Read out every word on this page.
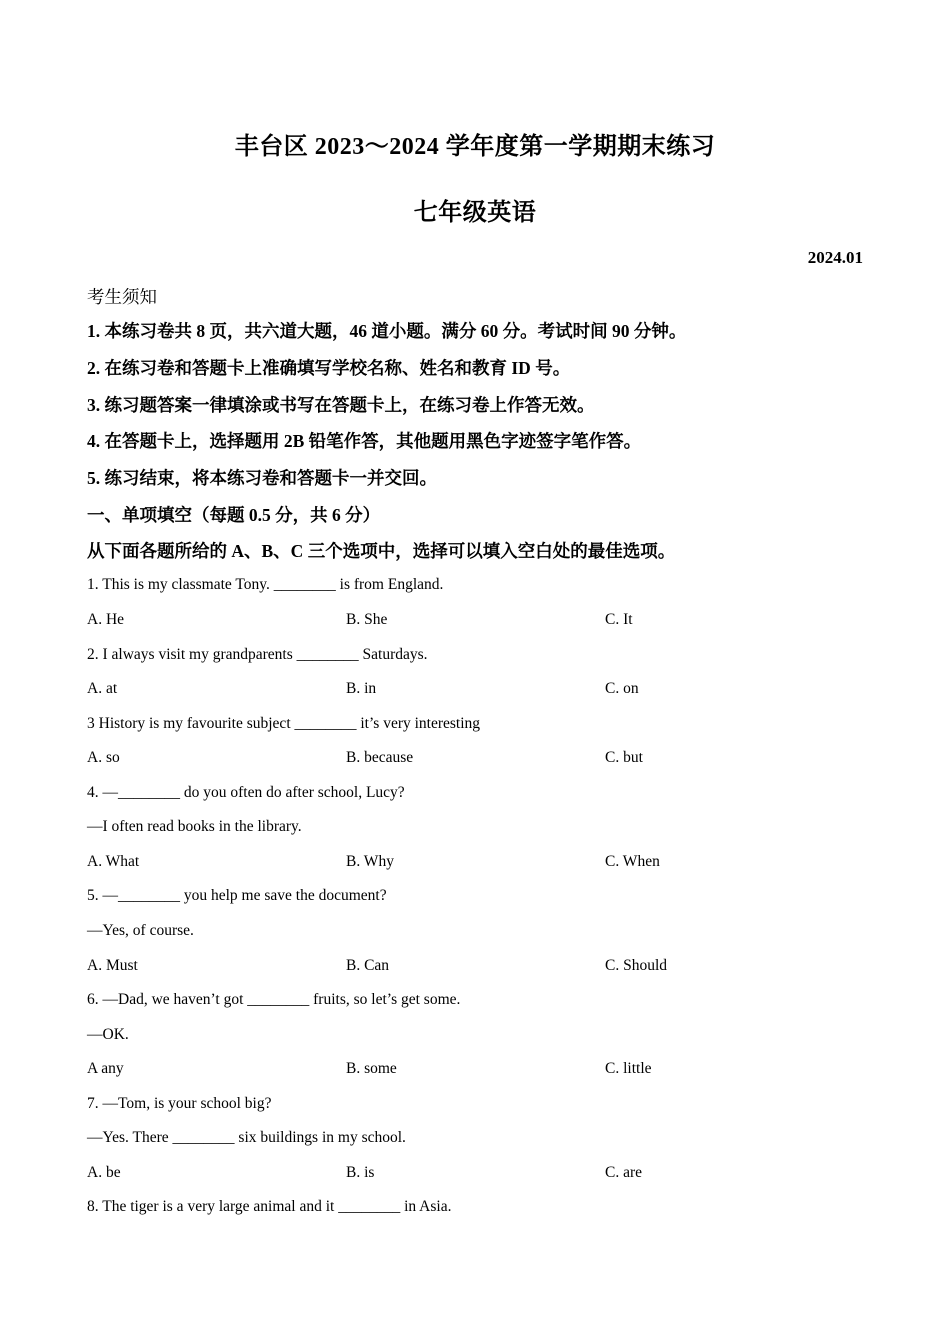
丰台区 2023～2024 学年度第一学期期末练习
七年级英语
2024.01
考生须知
1. 本练习卷共 8 页，共六道大题，46 道小题。满分 60 分。考试时间 90 分钟。
2. 在练习卷和答题卡上准确填写学校名称、姓名和教育 ID 号。
3. 练习题答案一律填涂或书写在答题卡上，在练习卷上作答无效。
4. 在答题卡上，选择题用 2B 铅笔作答，其他题用黑色字迹签字笔作答。
5. 练习结束，将本练习卷和答题卡一并交回。
一、单项填空（每题 0.5 分，共 6 分）
从下面各题所给的 A、B、C 三个选项中，选择可以填入空白处的最佳选项。
1. This is my classmate Tony. ________ is from England.
A. He	B. She	C. It
2. I always visit my grandparents ________ Saturdays.
A. at	B. in	C. on
3 History is my favourite subject ________ it’s very interesting
A. so	B. because	C. but
4. —________ do you often do after school, Lucy?
—I often read books in the library.
A. What	B. Why	C. When
5. —________ you help me save the document?
—Yes, of course.
A. Must	B. Can	C. Should
6. —Dad, we haven’t got ________ fruits, so let’s get some.
—OK.
A any	B. some	C. little
7. —Tom, is your school big?
—Yes. There ________ six buildings in my school.
A. be	B. is	C. are
8. The tiger is a very large animal and it ________ in Asia.
